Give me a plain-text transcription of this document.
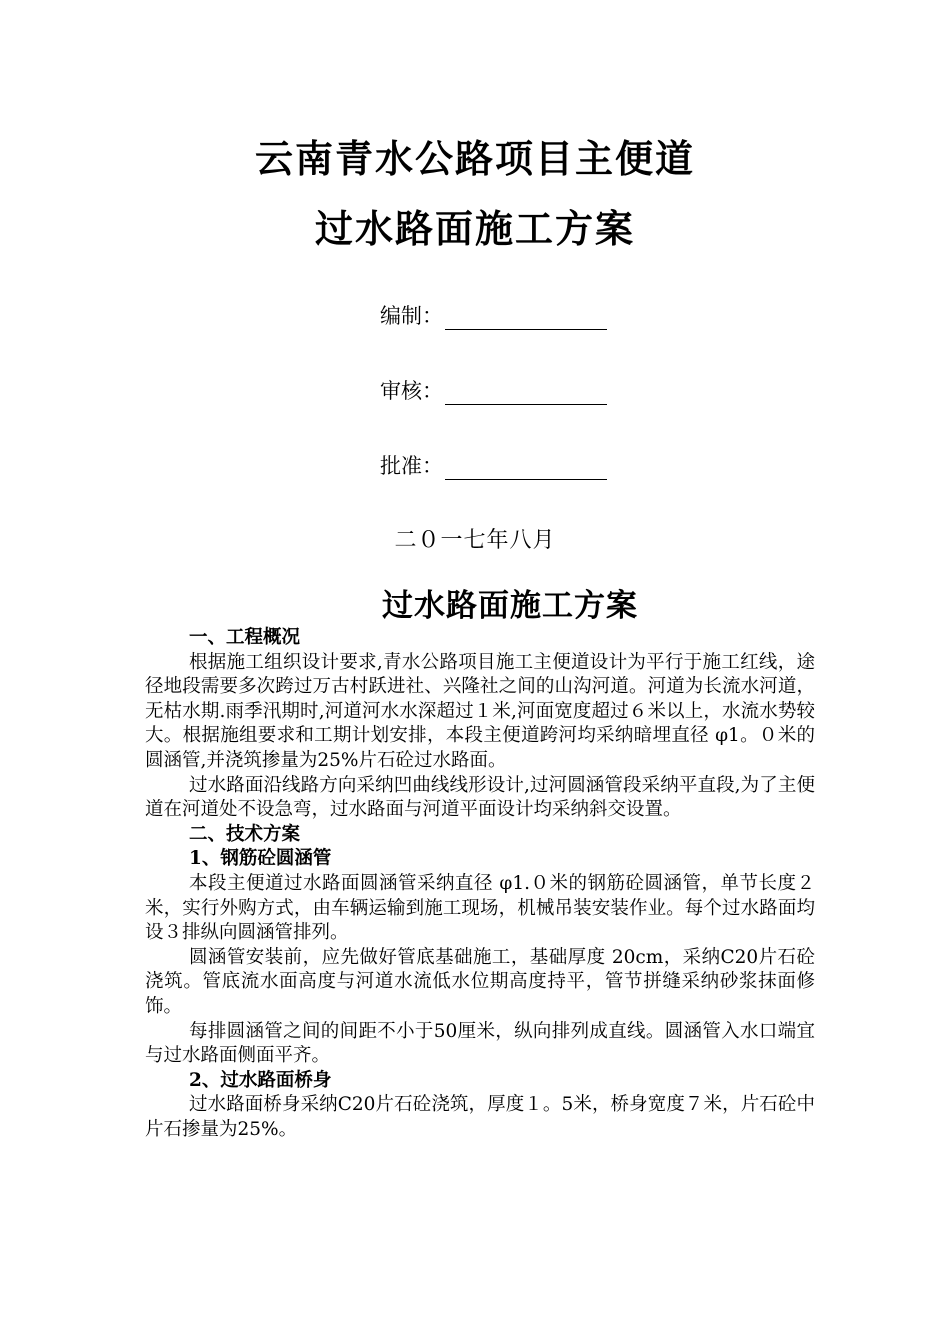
云南青水公路项目主便道
过水路面施工方案
编制：
审核：
批准：
二０一七年八月
过水路面施工方案

一、工程概况

根据施工组织设计要求,青水公路项目施工主便道设计为平行于施工红线，途径地段需要多次跨过万古村跃进社、兴隆社之间的山沟河道。河道为长流水河道，无枯水期.雨季汛期时,河道河水水深超过１米,河面宽度超过６米以上，水流水势较大。根据施组要求和工期计划安排，本段主便道跨河均采纳暗埋直径 φ1。０米的圆涵管,并浇筑掺量为25%片石砼过水路面。

过水路面沿线路方向采纳凹曲线线形设计,过河圆涵管段采纳平直段,为了主便道在河道处不设急弯，过水路面与河道平面设计均采纳斜交设置。

二、技术方案

1、钢筋砼圆涵管

本段主便道过水路面圆涵管采纳直径 φ1.０米的钢筋砼圆涵管，单节长度２米，实行外购方式，由车辆运输到施工现场，机械吊装安装作业。每个过水路面均设３排纵向圆涵管排列。

圆涵管安装前，应先做好管底基础施工，基础厚度 20cm，采纳C20片石砼浇筑。管底流水面高度与河道水流低水位期高度持平，管节拼缝采纳砂浆抹面修饰。

每排圆涵管之间的间距不小于50厘米，纵向排列成直线。圆涵管入水口端宜与过水路面侧面平齐。

2、过水路面桥身

过水路面桥身采纳C20片石砼浇筑，厚度１。5米，桥身宽度７米，片石砼中片石掺量为25%。
